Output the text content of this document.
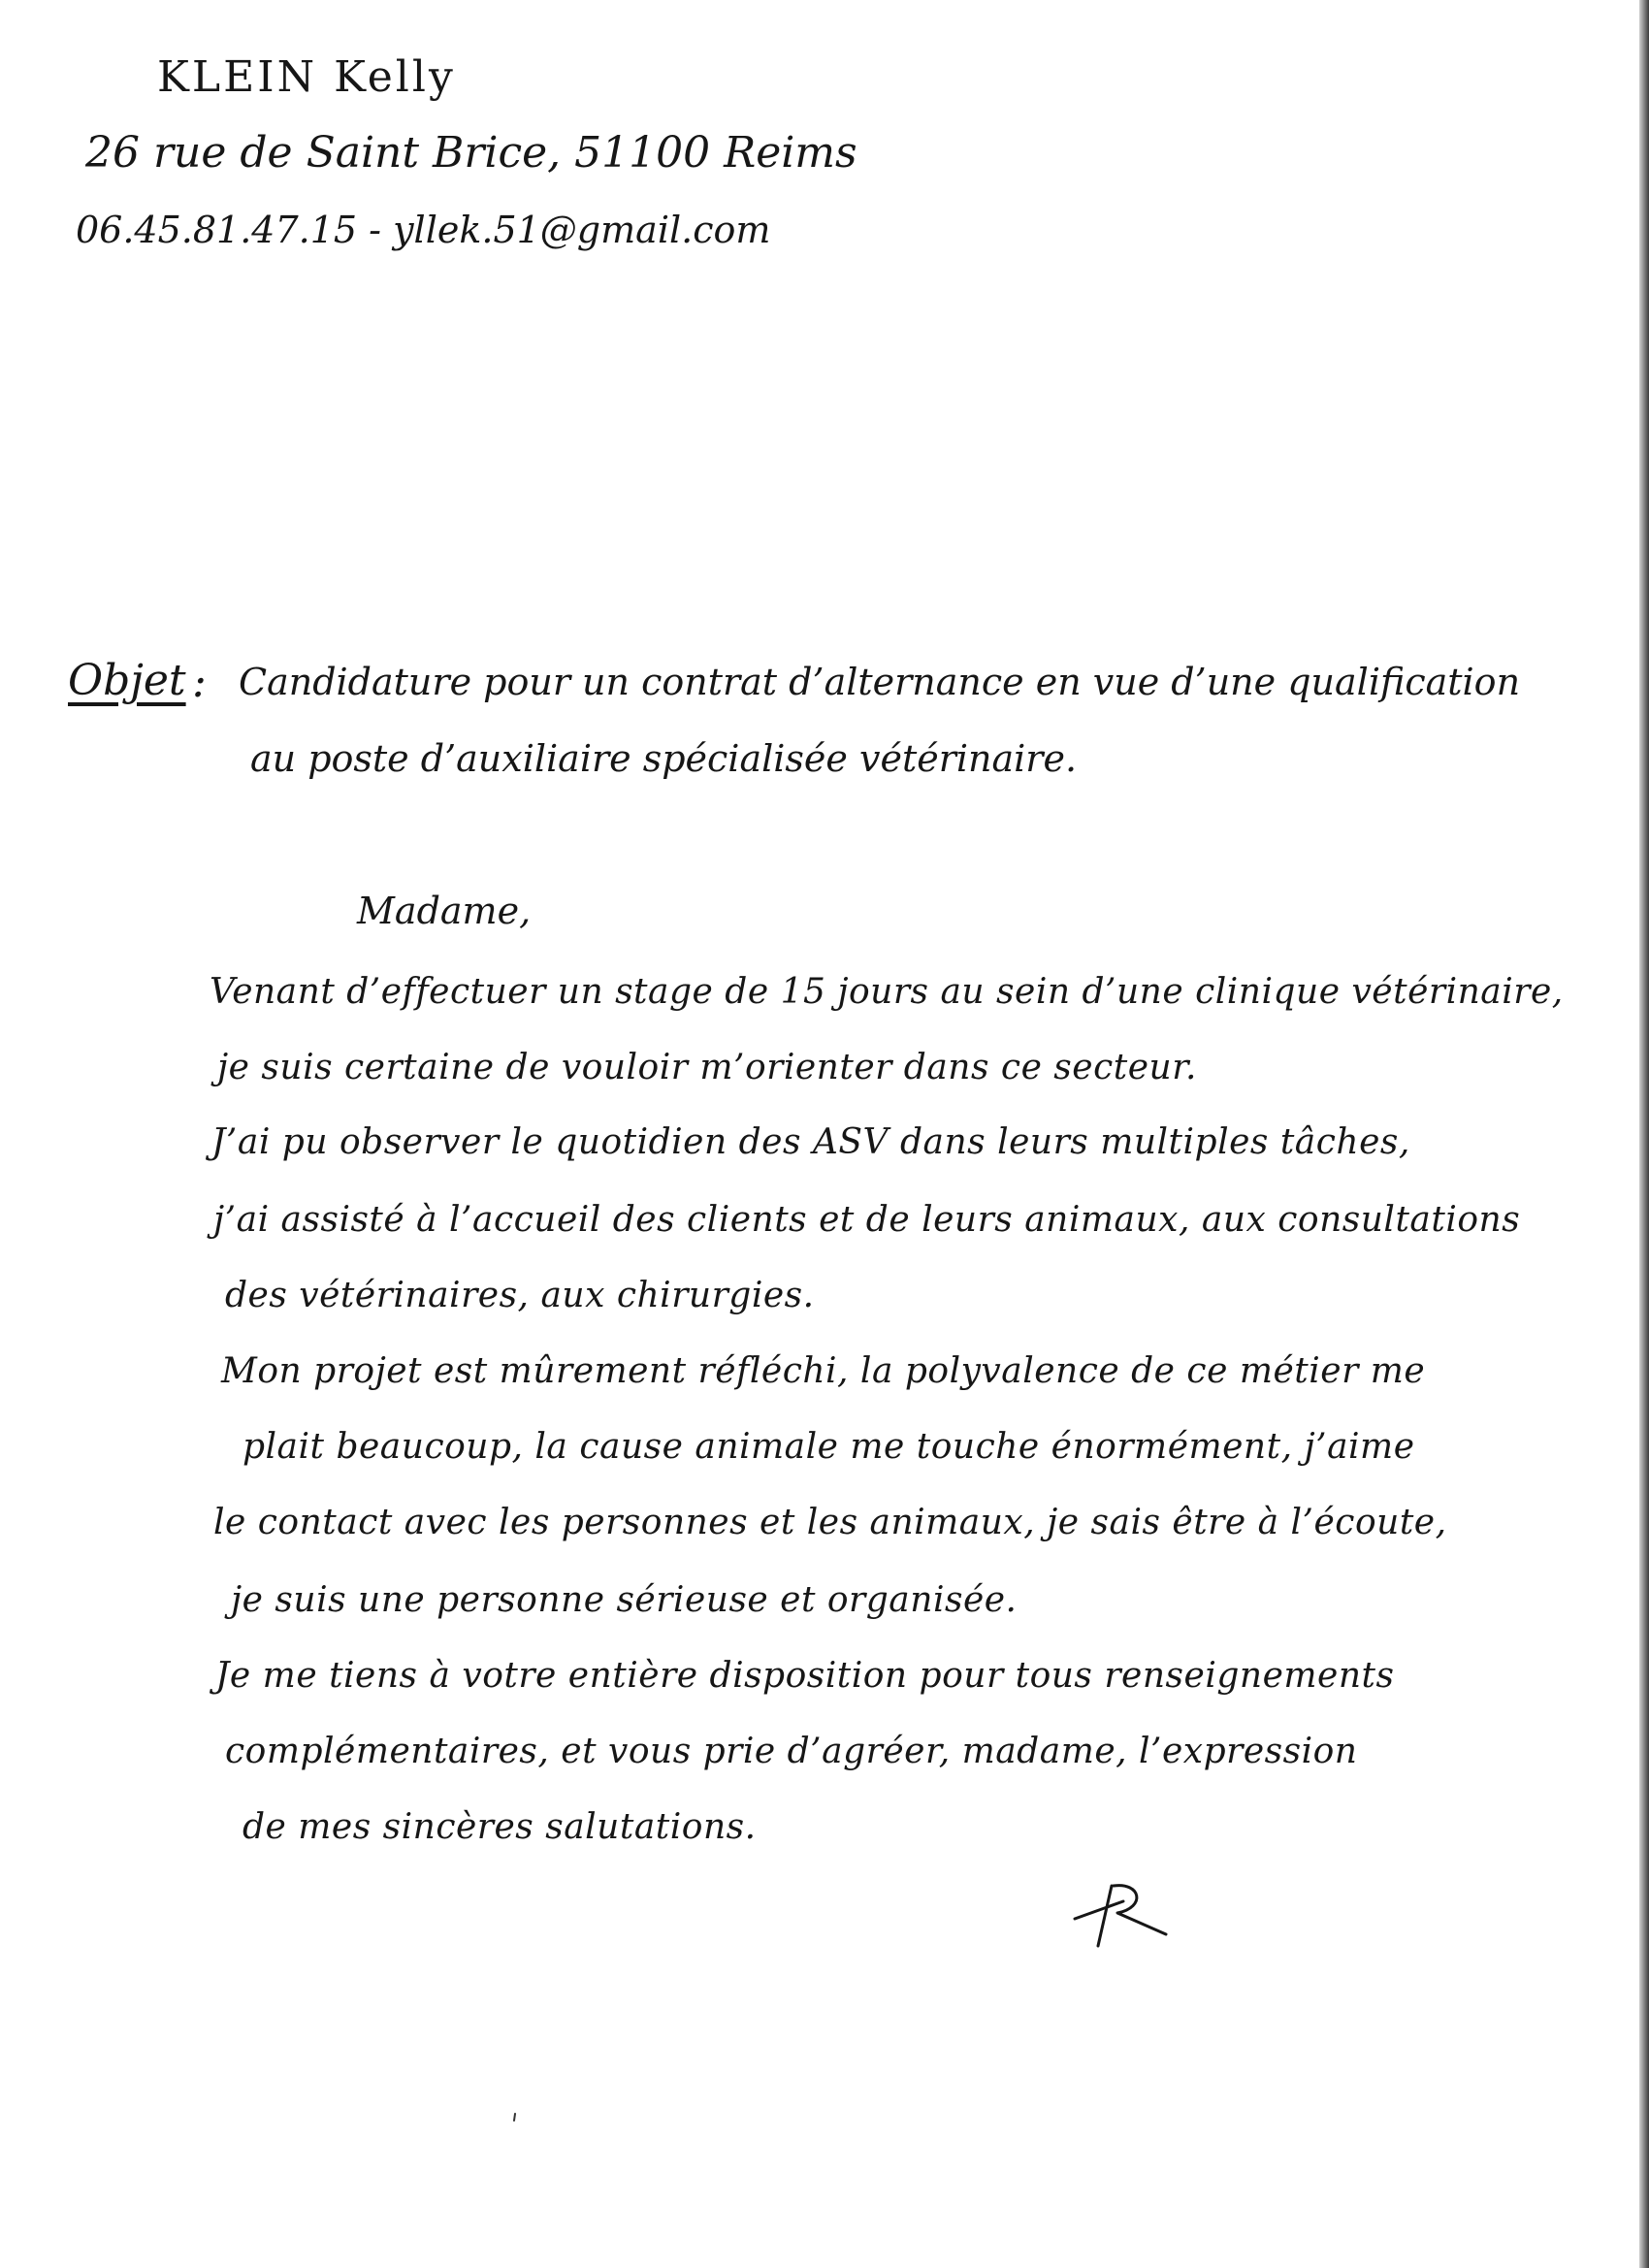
KLEIN Kelly
26 rue de Saint Brice, 51100 Reims
06.45.81.47.15 - yllek.51@gmail.com
Objet : Candidature pour un contrat d’alternance en vue d’une qualification
au poste d’auxiliaire spécialisée vétérinaire.
Madame,
Venant d’effectuer un stage de 15 jours au sein d’une clinique vétérinaire,
je suis certaine de vouloir m’orienter dans ce secteur.
J’ai pu observer le quotidien des ASV dans leurs multiples tâches,
j’ai assisté à l’accueil des clients et de leurs animaux, aux consultations
des vétérinaires, aux chirurgies.
Mon projet est mûrement réfléchi, la polyvalence de ce métier me
plait beaucoup, la cause animale me touche énormément, j’aime
le contact avec les personnes et les animaux, je sais être à l’écoute,
je suis une personne sérieuse et organisée.
Je me tiens à votre entière disposition pour tous renseignements
complémentaires, et vous prie d’agréer, madame, l’expression
de mes sincères salutations.
